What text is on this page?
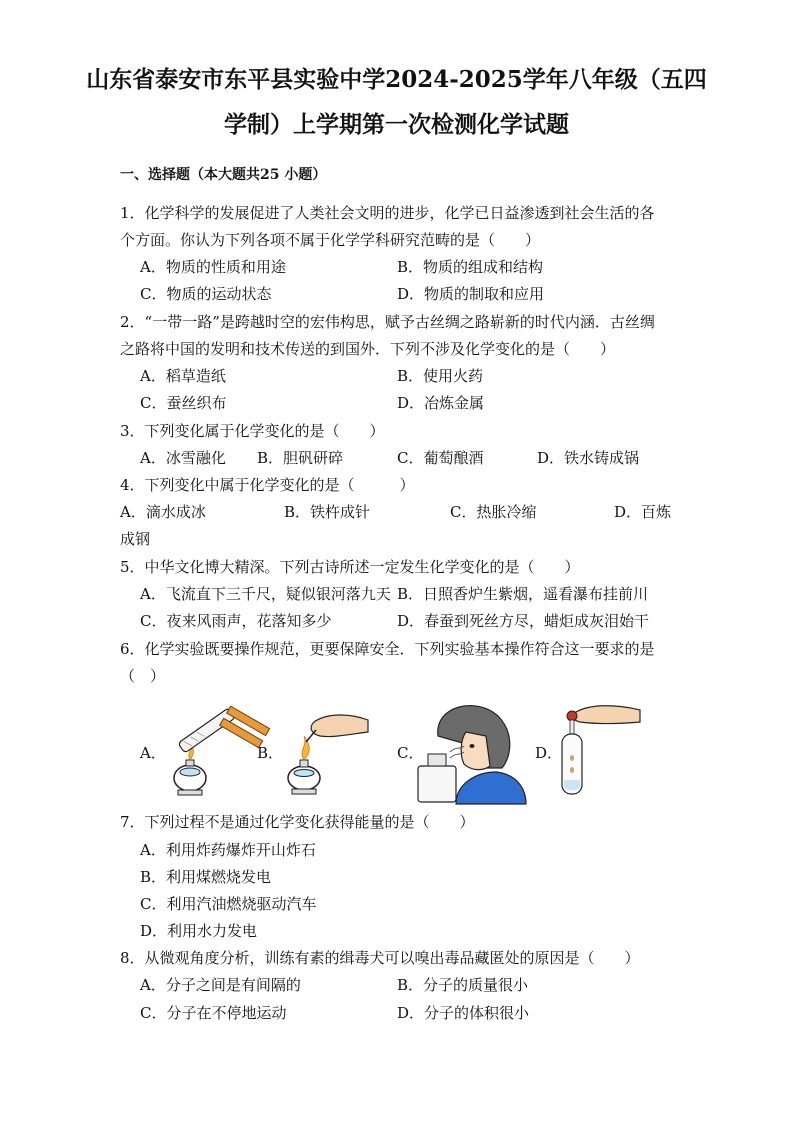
山东省泰安市东平县实验中学2024-2025学年八年级（五四
学制）上学期第一次检测化学试题
一、选择题（本大题共25 小题）
1．化学科学的发展促进了人类社会文明的进步，化学已日益渗透到社会生活的各
个方面。你认为下列各项不属于化学学科研究范畴的是（　　）
A．物质的性质和用途	B．物质的组成和结构
C．物质的运动状态	D．物质的制取和应用
2．“一带一路”是跨越时空的宏伟构思，赋予古丝绸之路崭新的时代内涵．古丝绸
之路将中国的发明和技术传送的到国外．下列不涉及化学变化的是（　　）
A．稻草造纸	B．使用火药
C．蚕丝织布	D．冶炼金属
3．下列变化属于化学变化的是（　　）
A．冰雪融化 B．胆矾研碎	C．葡萄酿酒	D．铁水铸成锅
4．下列变化中属于化学变化的是（　　　）
A．滴水成冰	B．铁杵成针	C．热胀冷缩	D．百炼
成钢
5．中华文化博大精深。下列古诗所述一定发生化学变化的是（　　）
A．飞流直下三千尺，疑似银河落九天 B．日照香炉生紫烟，遥看瀑布挂前川
C．夜来风雨声，花落知多少	D．春蚕到死丝方尽，蜡炬成灰泪始干
6．化学实验既要操作规范，更要保障安全．下列实验基本操作符合这一要求的是
（　）
A．	B．	C．	D．
7．下列过程不是通过化学变化获得能量的是（　　）
A．利用炸药爆炸开山炸石
B．利用煤燃烧发电
C．利用汽油燃烧驱动汽车
D．利用水力发电
8．从微观角度分析，训练有素的缉毒犬可以嗅出毒品藏匿处的原因是（　　）
A．分子之间是有间隔的	B．分子的质量很小
C．分子在不停地运动	D．分子的体积很小
